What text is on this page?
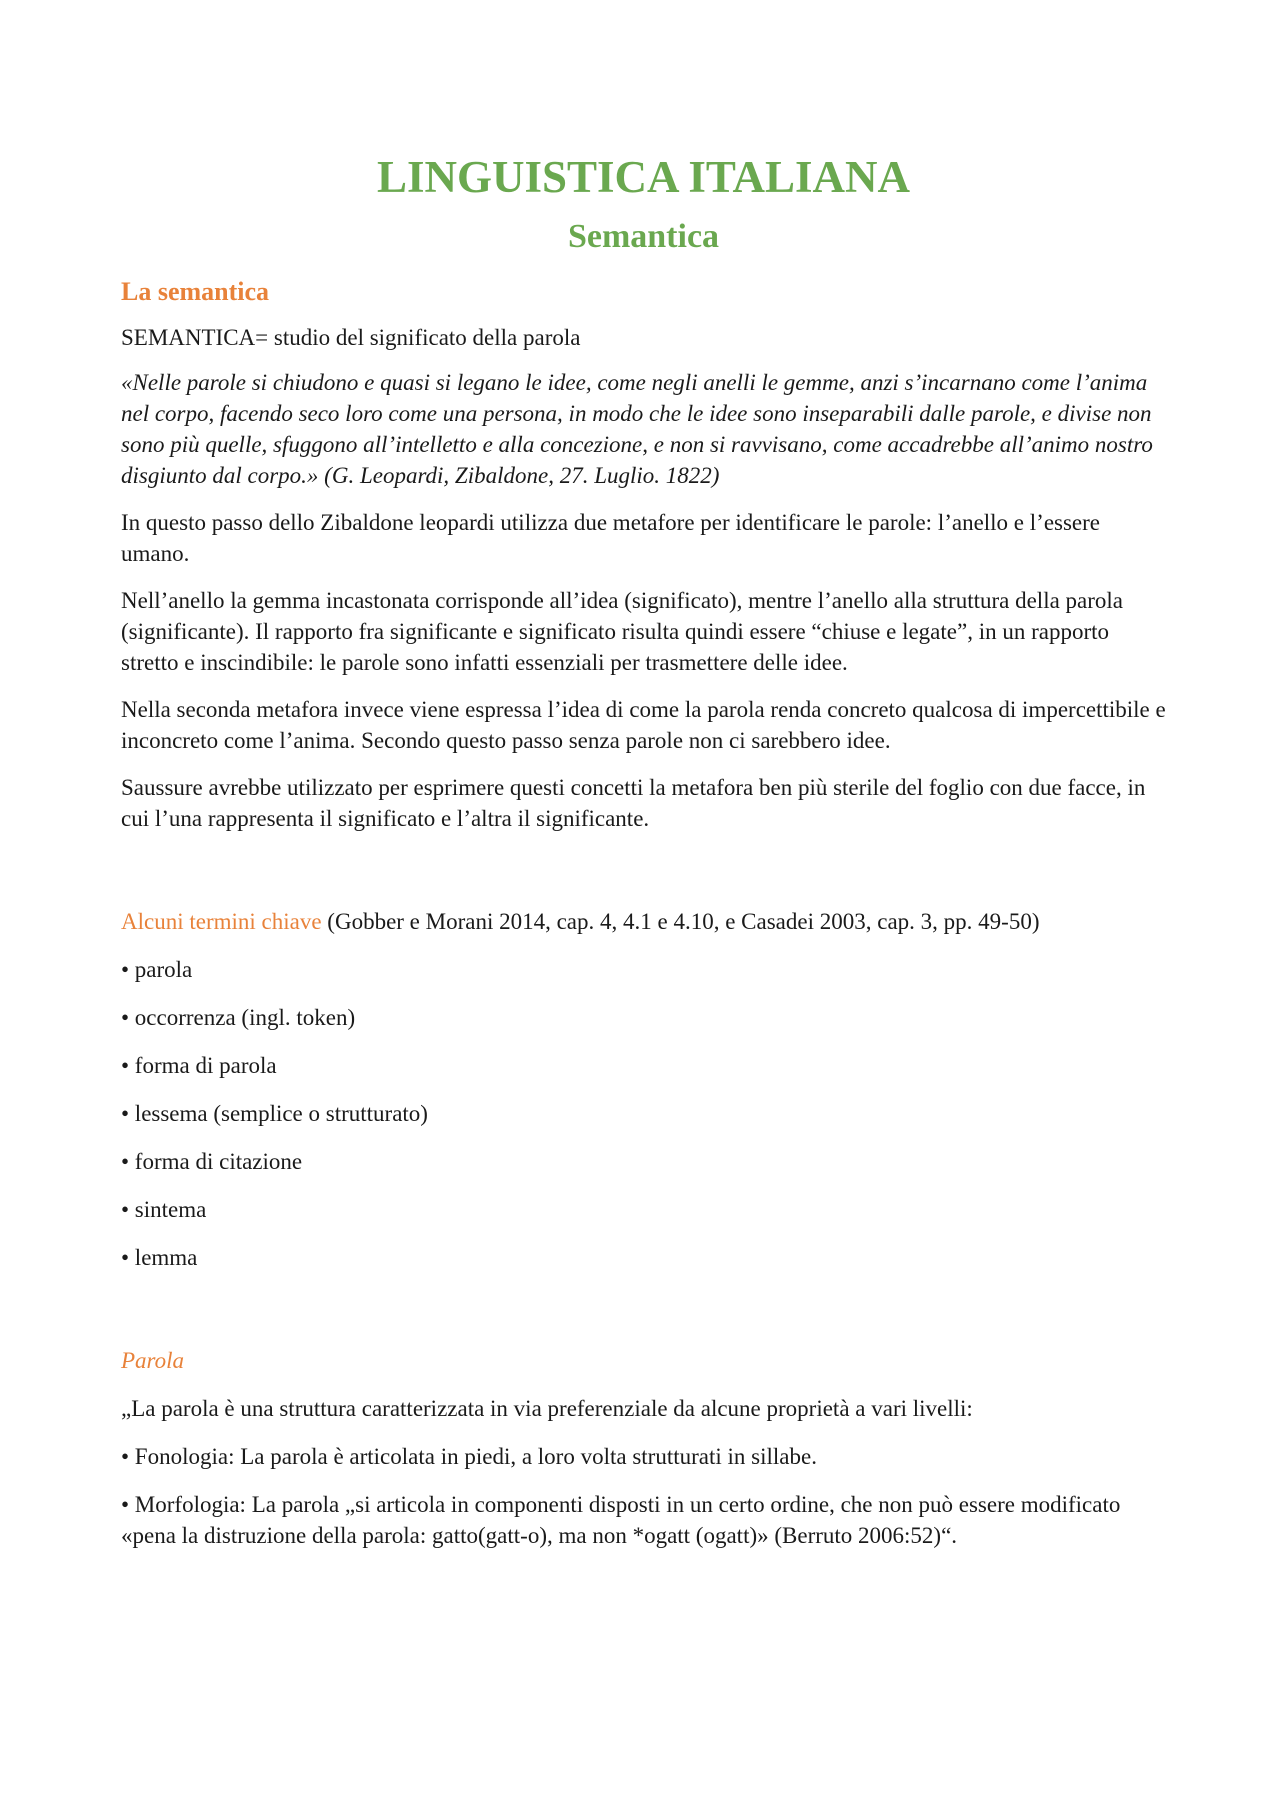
LINGUISTICA ITALIANA
Semantica
La semantica

SEMANTICA= studio del significato della parola

«Nelle parole si chiudono e quasi si legano le idee, come negli anelli le gemme, anzi s’incarnano come l’anima nel corpo, facendo seco loro come una persona, in modo che le idee sono inseparabili dalle parole, e divise non sono più quelle, sfuggono all’intelletto e alla concezione, e non si ravvisano, come accadrebbe all’animo nostro disgiunto dal corpo.» (G. Leopardi, Zibaldone, 27. Luglio. 1822)

In questo passo dello Zibaldone leopardi utilizza due metafore per identificare le parole: l’anello e l’essere umano.

Nell’anello la gemma incastonata corrisponde all’idea (significato), mentre l’anello alla struttura della parola (significante). Il rapporto fra significante e significato risulta quindi essere “chiuse e legate”, in un rapporto stretto e inscindibile: le parole sono infatti essenziali per trasmettere delle idee.

Nella seconda metafora invece viene espressa l’idea di come la parola renda concreto qualcosa di impercettibile e inconcreto come l’anima. Secondo questo passo senza parole non ci sarebbero idee.

Saussure avrebbe utilizzato per esprimere questi concetti la metafora ben più sterile del foglio con due facce, in cui l’una rappresenta il significato e l’altra il significante.

Alcuni termini chiave (Gobber e Morani 2014, cap. 4, 4.1 e 4.10, e Casadei 2003, cap. 3, pp. 49-50)

• parola
• occorrenza (ingl. token)
• forma di parola
• lessema (semplice o strutturato)
• forma di citazione
• sintema
• lemma

Parola

„La parola è una struttura caratterizzata in via preferenziale da alcune proprietà a vari livelli:

• Fonologia: La parola è articolata in piedi, a loro volta strutturati in sillabe.

• Morfologia: La parola „si articola in componenti disposti in un certo ordine, che non può essere modificato «pena la distruzione della parola: gatto(gatt-o), ma non *ogatt (ogatt)» (Berruto 2006:52)“.
